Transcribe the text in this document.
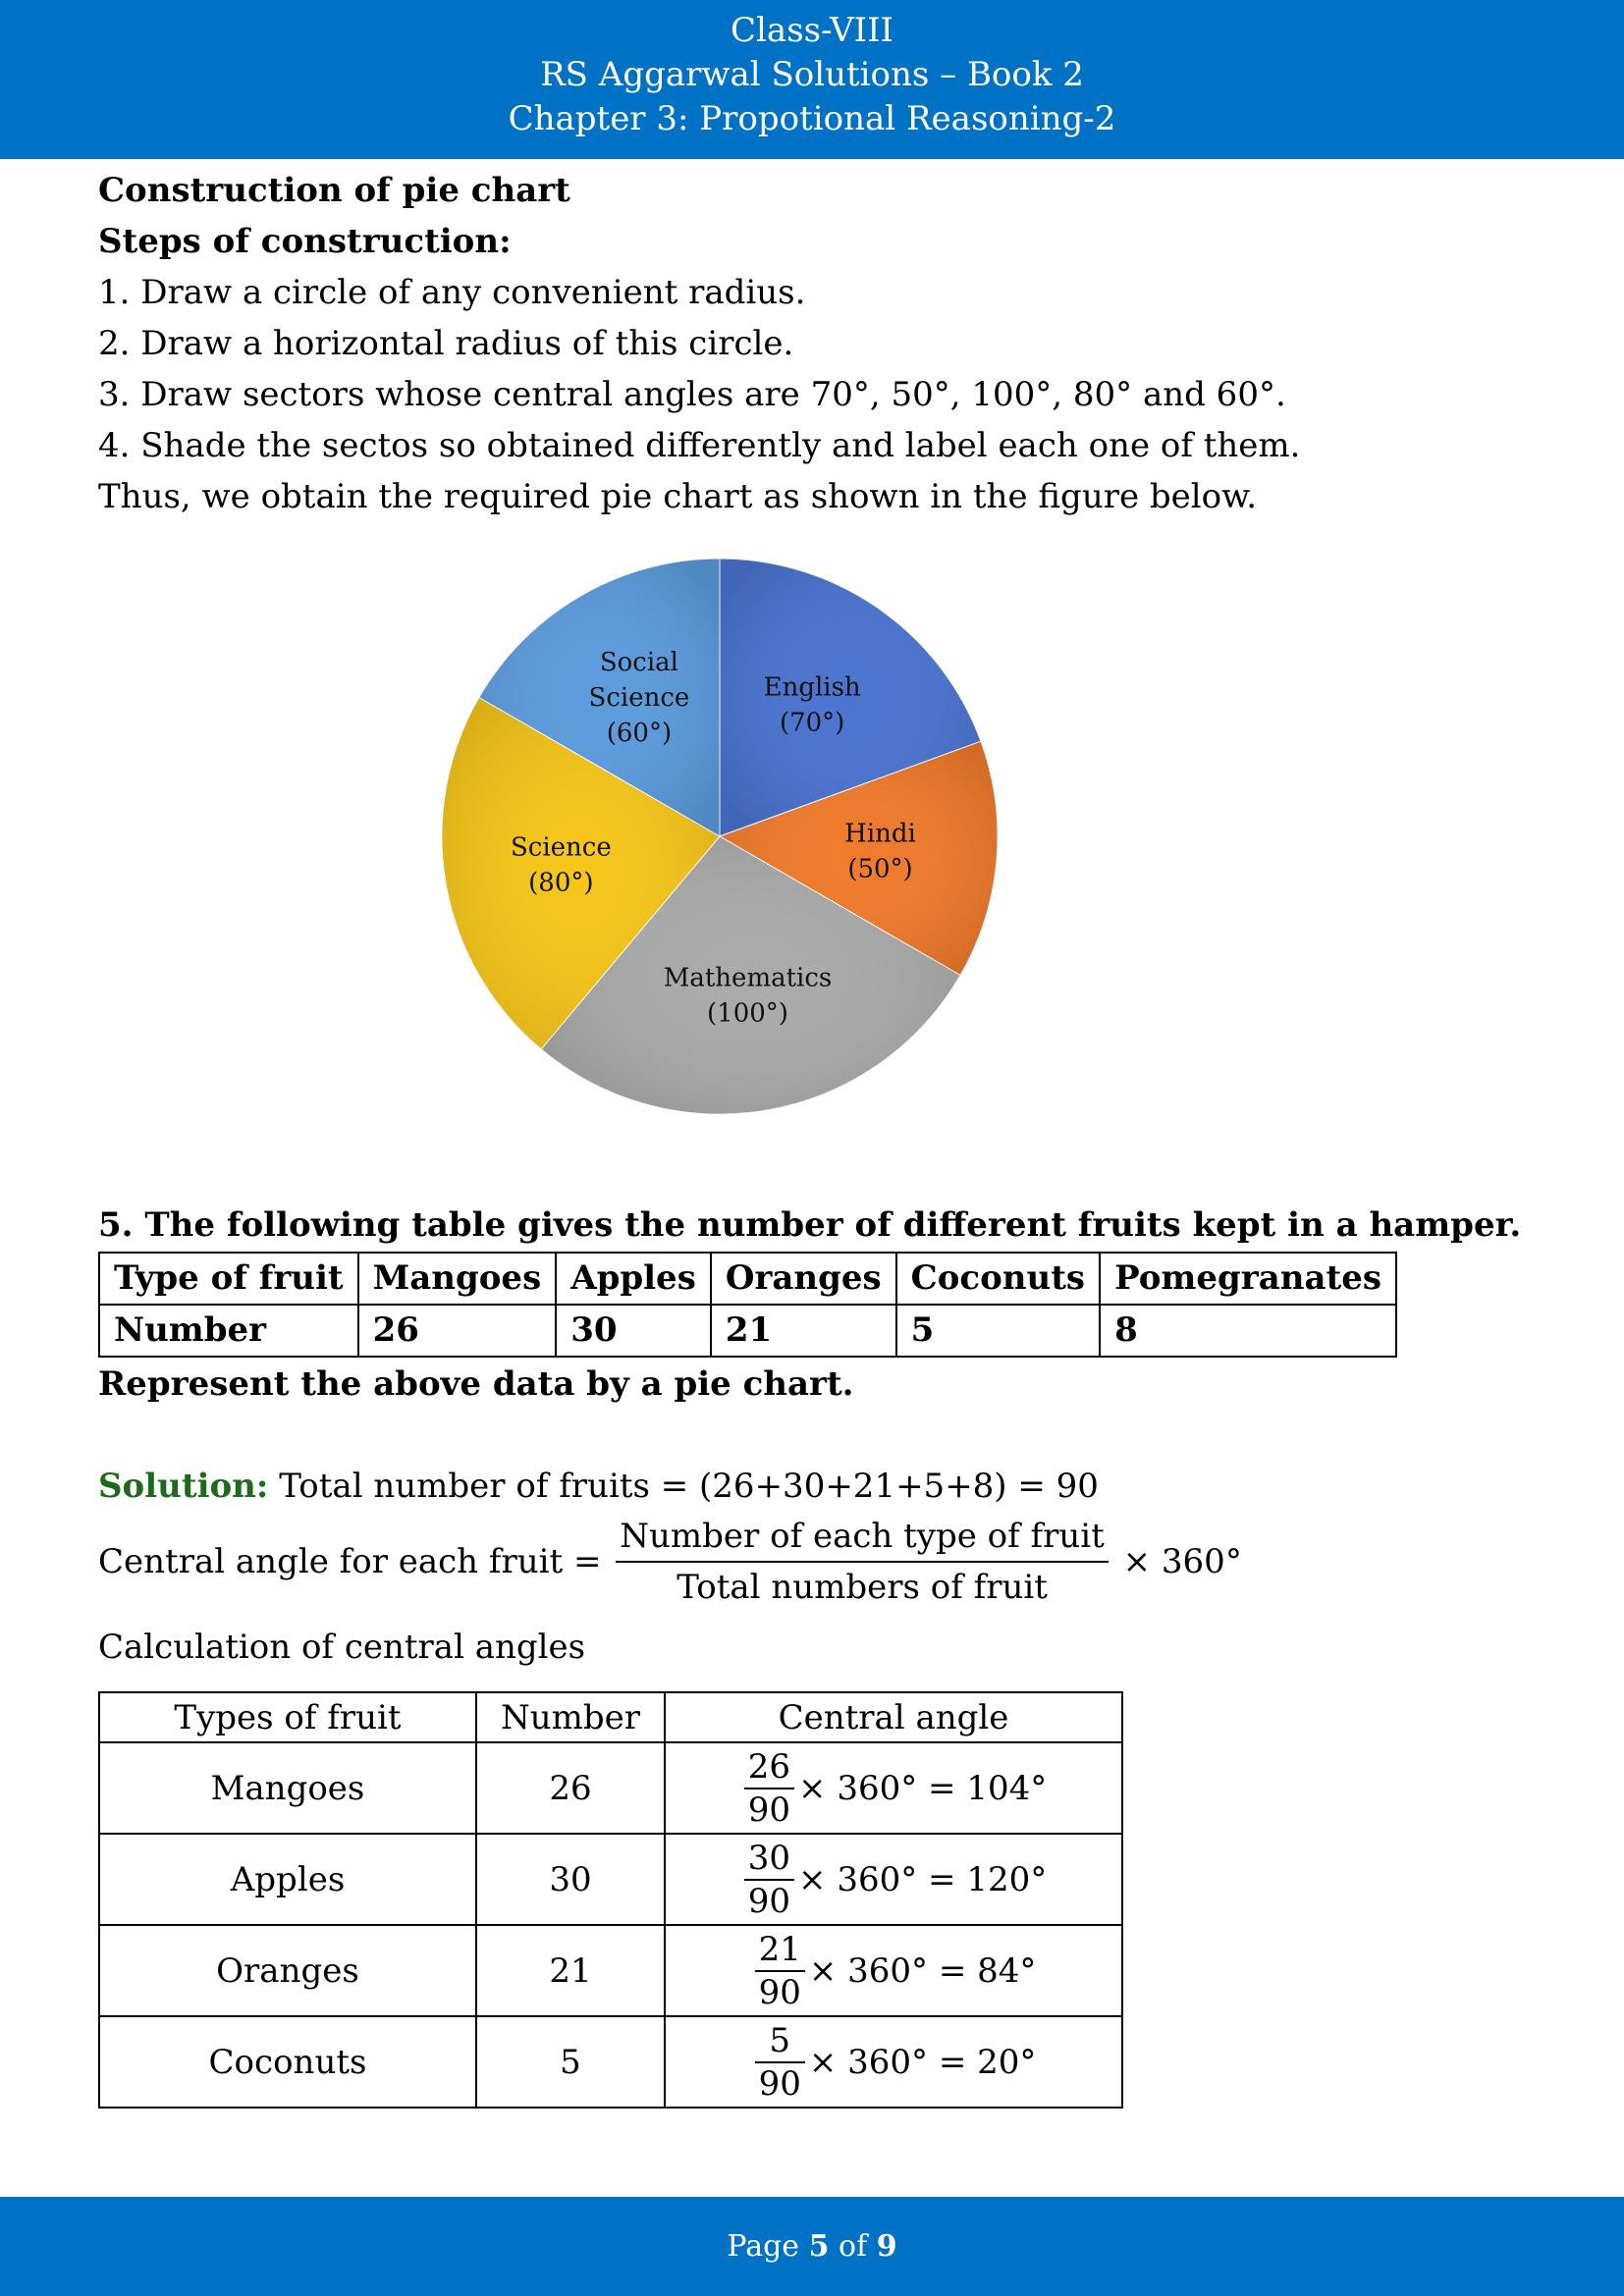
Class-VIII
RS Aggarwal Solutions – Book 2
Chapter 3: Propotional Reasoning-2
Construction of pie chart
Steps of construction:
1. Draw a circle of any convenient radius.
2. Draw a horizontal radius of this circle.
3. Draw sectors whose central angles are 70°, 50°, 100°, 80° and 60°.
4. Shade the sectos so obtained differently and label each one of them.
Thus, we obtain the required pie chart as shown in the figure below.
English (70°)
Hindi (50°)
Mathematics (100°)
Science (80°)
Social Science (60°)
5. The following table gives the number of different fruits kept in a hamper.
Type of fruit	Mangoes	Apples	Oranges	Coconuts	Pomegranates
Number	26	30	21	5	8
Represent the above data by a pie chart.
Solution: Total number of fruits = (26+30+21+5+8) = 90
Central angle for each fruit = $\frac{\text{Number of each type of fruit}}{\text{Total numbers of fruit}} \times 360^\circ$
Calculation of central angles
Types of fruit	Number	Central angle
Mangoes	26	$\frac{26}{90} \times 360^\circ = 104^\circ$
Apples	30	$\frac{30}{90} \times 360^\circ = 120^\circ$
Oranges	21	$\frac{21}{90} \times 360^\circ = 84^\circ$
Coconuts	5	$\frac{5}{90} \times 360^\circ = 20^\circ$
Page 5 of 9
